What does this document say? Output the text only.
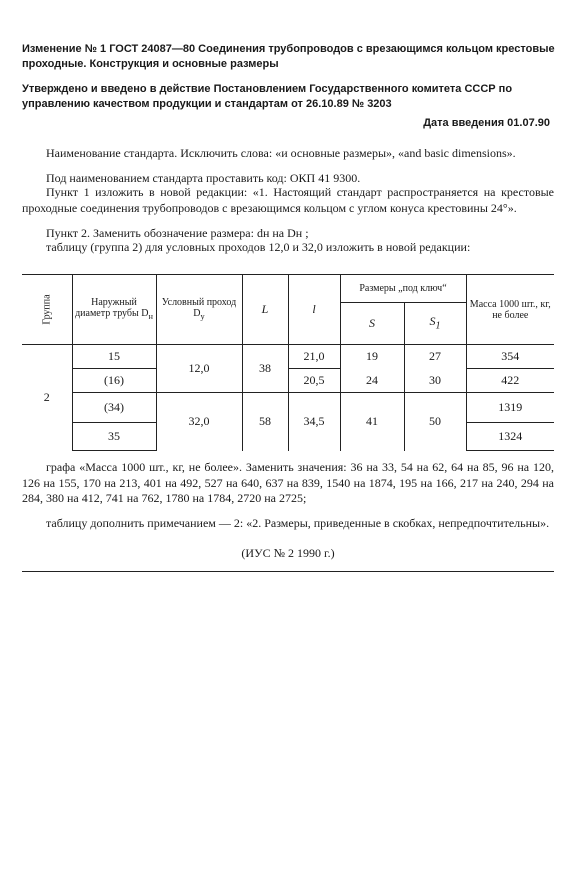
Изменение № 1 ГОСТ 24087—80 Соединения трубопроводов с врезающимся кольцом крестовые проходные. Конструкция и основные размеры
Утверждено и введено в действие Постановлением Государственного комитета СССР по управлению качеством продукции и стандартам от 26.10.89 № 3203
Дата введения 01.07.90
Наименование стандарта. Исключить слова: «и основные размеры», «and basic dimensions».
Под наименованием стандарта проставить код: ОКП 41 9300.
Пункт 1 изложить в новой редакции: «1. Настоящий стандарт распространяется на крестовые проходные соединения трубопроводов с врезающимся кольцом с углом конуса крестовины 24°».
Пункт 2. Заменить обозначение размера: dн на Dн ;
таблицу (группа 2) для условных проходов 12,0 и 32,0 изложить в новой редакции:
Группа	Наружный диаметр трубы $D_н$	Условный проход $D_у$	L	l	Размеры „под ключ“		Масса 1000 шт., кг, не более
					S	$S_1$
2	15	12,0	38	21,0	19	27	354
	(16)			20,5	24	30	422
	(34)	32,0	58	34,5	41	50	1319
	35						1324
графа «Масса 1000 шт., кг, не более». Заменить значения: 36 на 33, 54 на 62, 64 на 85, 96 на 120, 126 на 155, 170 на 213, 401 на 492, 527 на 640, 637 на 839, 1540 на 1874, 195 на 166, 217 на 240, 294 на 284, 380 на 412, 741 на 762, 1780 на 1784, 2720 на 2725;
таблицу дополнить примечанием — 2: «2. Размеры, приведенные в скобках, непредпочтительны».
(ИУС № 2 1990 г.)
